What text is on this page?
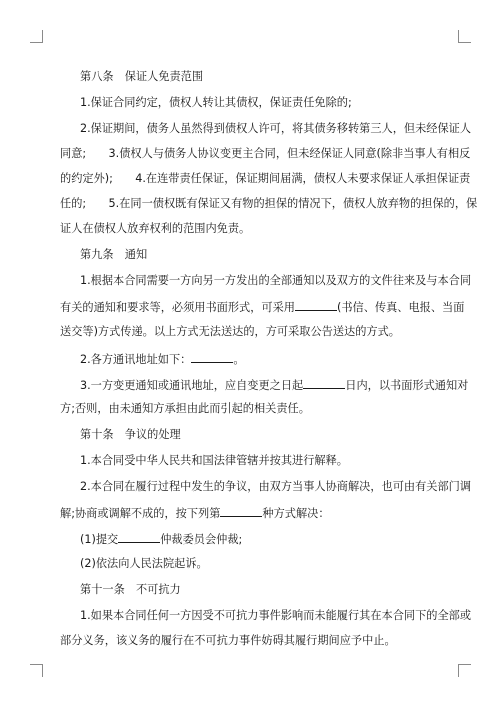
第八条　保证人免责范围
1.保证合同约定，债权人转让其债权，保证责任免除的;
2.保证期间，债务人虽然得到债权人许可，将其债务移转第三人，但未经保证人
同意;　　3.债权人与债务人协议变更主合同，但未经保证人同意(除非当事人有相反
的约定外);　　4.在连带责任保证，保证期间届满，债权人未要求保证人承担保证责
任的;　　5.在同一债权既有保证又有物的担保的情况下，债权人放弃物的担保的，保
证人在债权人放弃权利的范围内免责。
第九条　通知
1.根据本合同需要一方向另一方发出的全部通知以及双方的文件往来及与本合同
有关的通知和要求等，必须用书面形式，可采用	(书信、传真、电报、当面
送交等)方式传递。以上方式无法送达的，方可采取公告送达的方式。
2.各方通讯地址如下：	。
3.一方变更通知或通讯地址，应自变更之日起	日内，以书面形式通知对
方;否则，由未通知方承担由此而引起的相关责任。
第十条　争议的处理
1.本合同受中华人民共和国法律管辖并按其进行解释。
2.本合同在履行过程中发生的争议，由双方当事人协商解决，也可由有关部门调
解;协商或调解不成的，按下列第	种方式解决：
(1)提交	仲裁委员会仲裁;
(2)依法向人民法院起诉。
第十一条　不可抗力
1.如果本合同任何一方因受不可抗力事件影响而未能履行其在本合同下的全部或
部分义务，该义务的履行在不可抗力事件妨碍其履行期间应予中止。
